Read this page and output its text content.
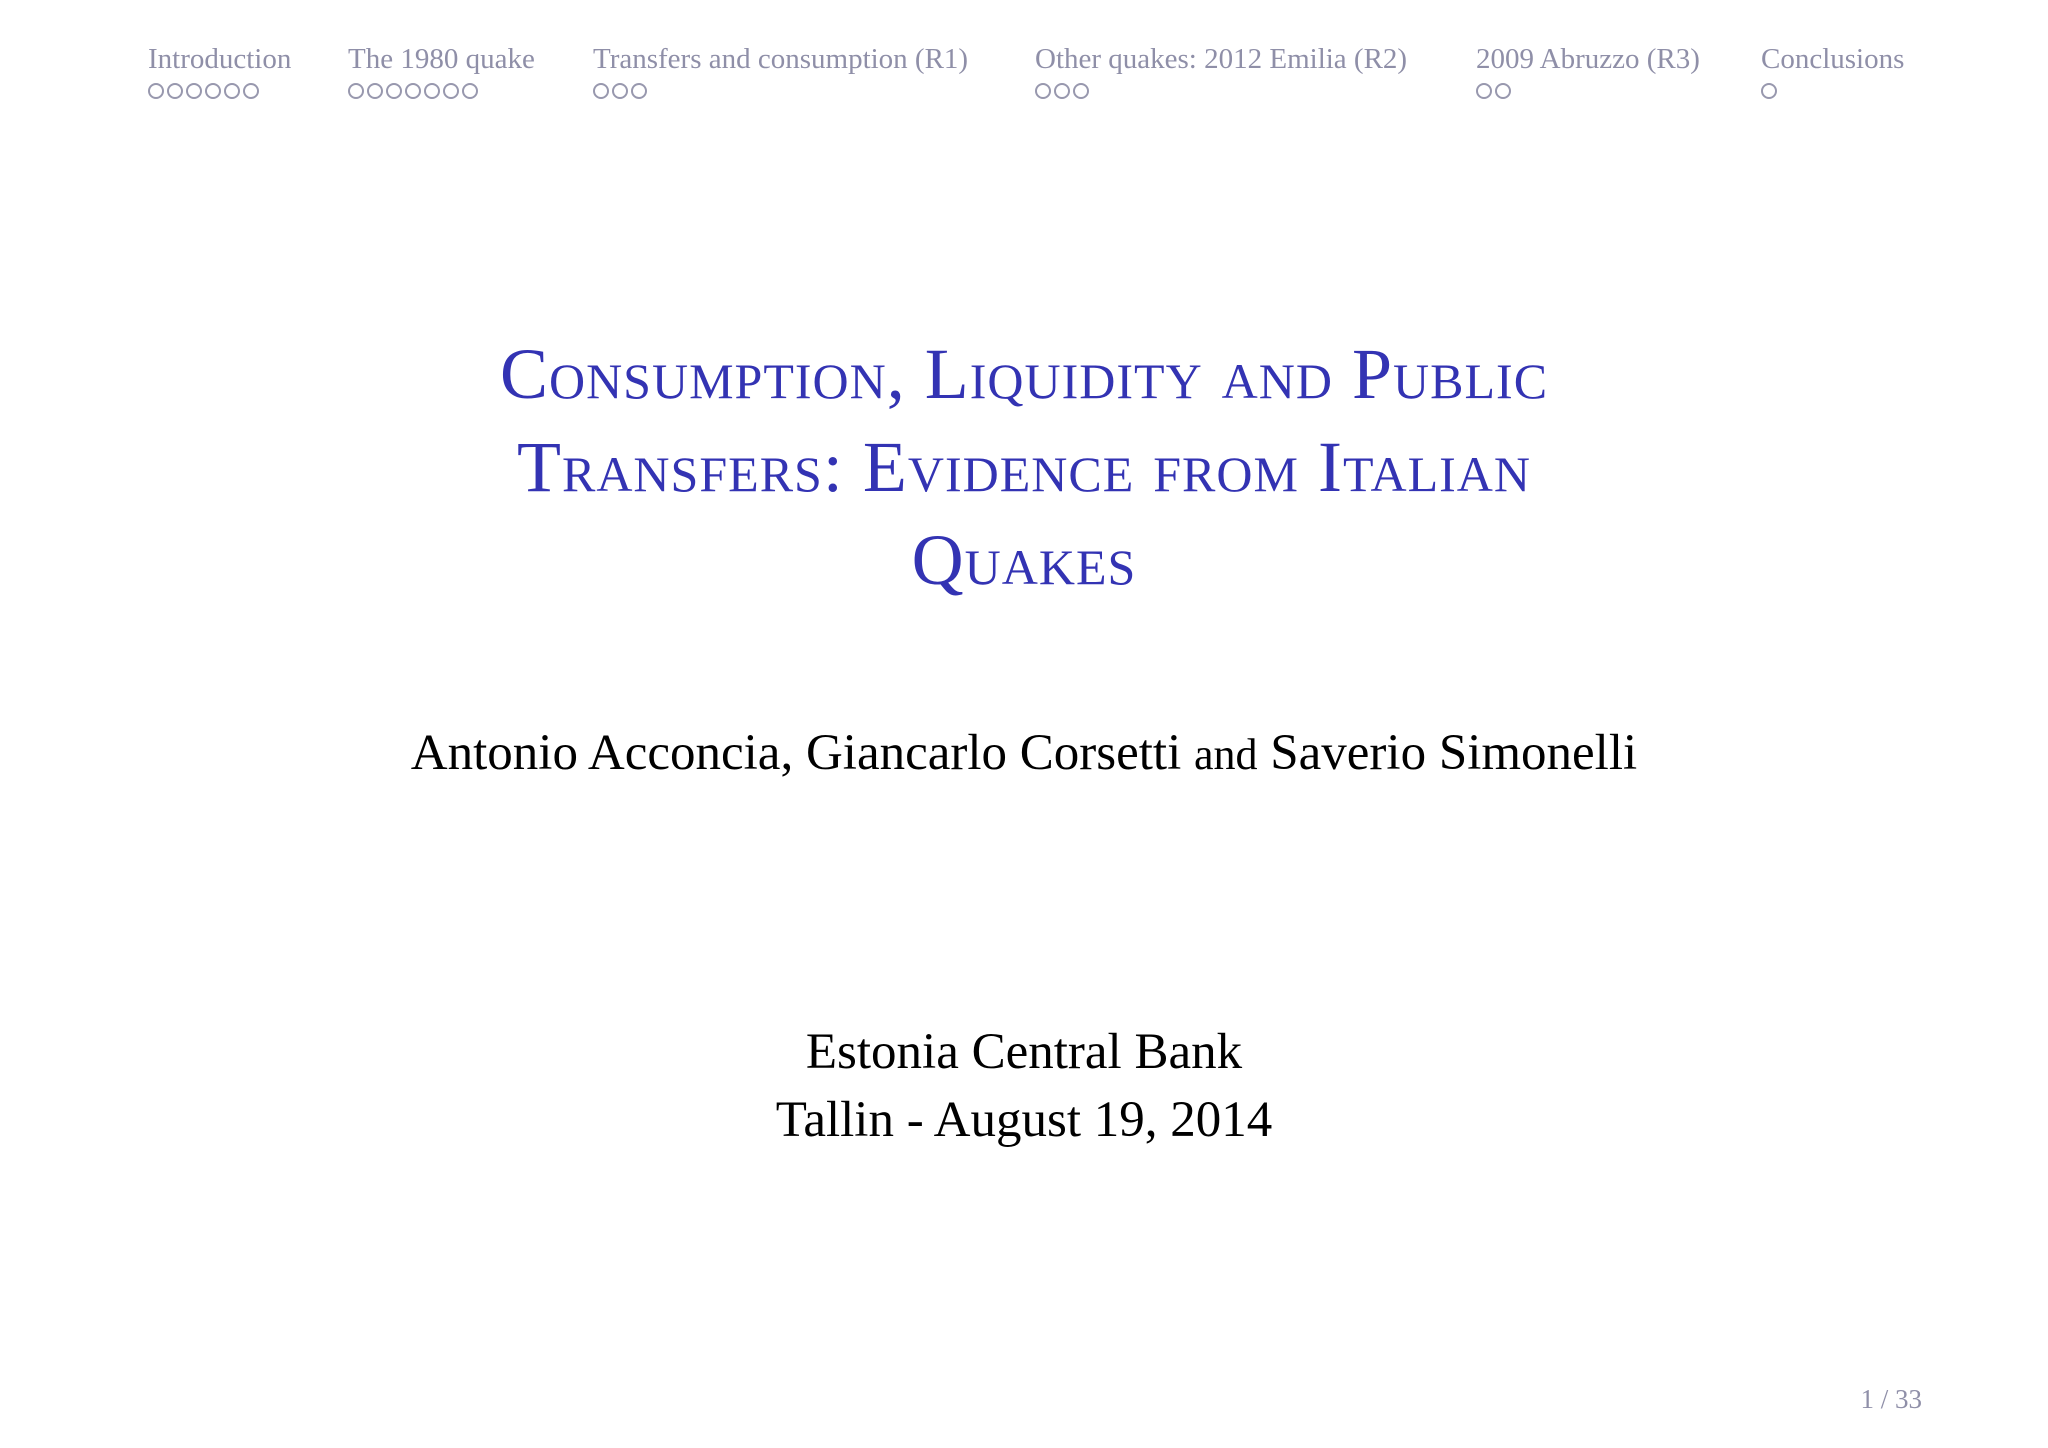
Introduction The 1980 quake Transfers and consumption (R1) Other quakes: 2012 Emilia (R2) 2009 Abruzzo (R3) Conclusions
Consumption, Liquidity and Public
Transfers: Evidence from Italian
Quakes
Antonio Acconcia, Giancarlo Corsetti and Saverio Simonelli
Estonia Central Bank
Tallin - August 19, 2014
1 / 33
